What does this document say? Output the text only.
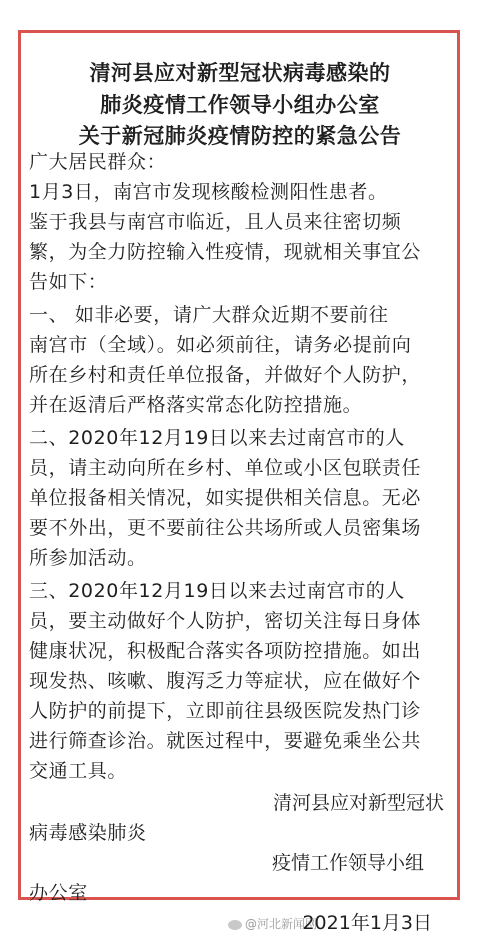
清河县应对新型冠状病毒感染的
肺炎疫情工作领导小组办公室
关于新冠肺炎疫情防控的紧急公告
广大居民群众：
1月3日，南宫市发现核酸检测阳性患者。
鉴于我县与南宫市临近，且人员来往密切频
繁，为全力防控输入性疫情，现就相关事宜公
告如下：
一、 如非必要，请广大群众近期不要前往
南宫市（全域）。如必须前往，请务必提前向
所在乡村和责任单位报备，并做好个人防护，
并在返清后严格落实常态化防控措施。
二、2020年12月19日以来去过南宫市的人
员，请主动向所在乡村、单位或小区包联责任
单位报备相关情况，如实提供相关信息。无必
要不外出，更不要前往公共场所或人员密集场
所参加活动。
三、2020年12月19日以来去过南宫市的人
员，要主动做好个人防护，密切关注每日身体
健康状况，积极配合落实各项防控措施。如出
现发热、咳嗽、腹泻乏力等症状，应在做好个
人防护的前提下，立即前往县级医院发热门诊
进行筛查诊治。就医过程中，要避免乘坐公共
交通工具。
清河县应对新型冠状
病毒感染肺炎
@河北新闻网
疫情工作领导小组
办公室
2021年1月3日
